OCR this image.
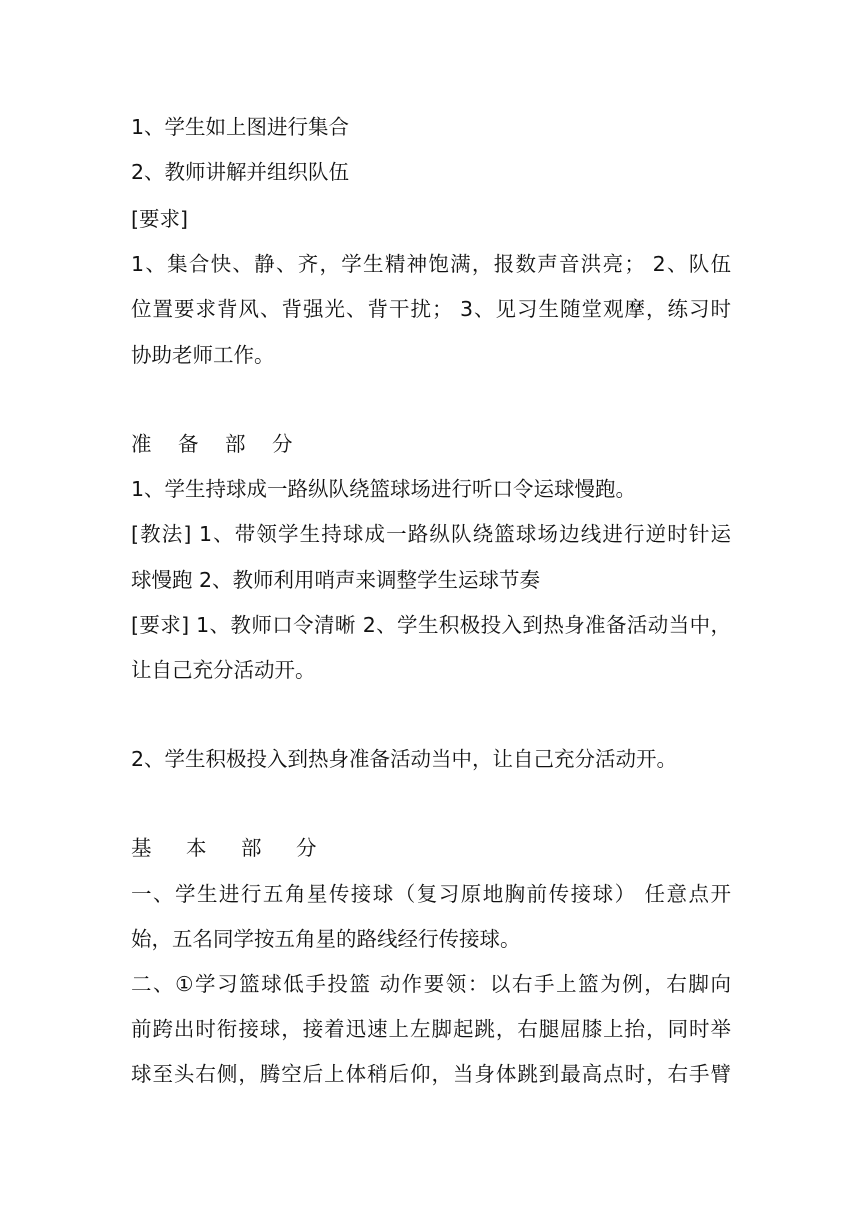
1、学生如上图进行集合
2、教师讲解并组织队伍
[要求]
1、集合快、静、齐，学生精神饱满，报数声音洪亮； 2、队伍
位置要求背风、背强光、背干扰； 3、见习生随堂观摩，练习时
协助老师工作。
准 备 部 分
1、学生持球成一路纵队绕篮球场进行听口令运球慢跑。
[教法] 1、带领学生持球成一路纵队绕篮球场边线进行逆时针运
球慢跑 2、教师利用哨声来调整学生运球节奏
[要求] 1、教师口令清晰 2、学生积极投入到热身准备活动当中，
让自己充分活动开。
2、学生积极投入到热身准备活动当中，让自己充分活动开。
基 本 部 分
一、学生进行五角星传接球（复习原地胸前传接球） 任意点开
始，五名同学按五角星的路线经行传接球。
二、①学习篮球低手投篮 动作要领：以右手上篮为例，右脚向
前跨出时衔接球，接着迅速上左脚起跳，右腿屈膝上抬，同时举
球至头右侧，腾空后上体稍后仰，当身体跳到最高点时，右手臂
